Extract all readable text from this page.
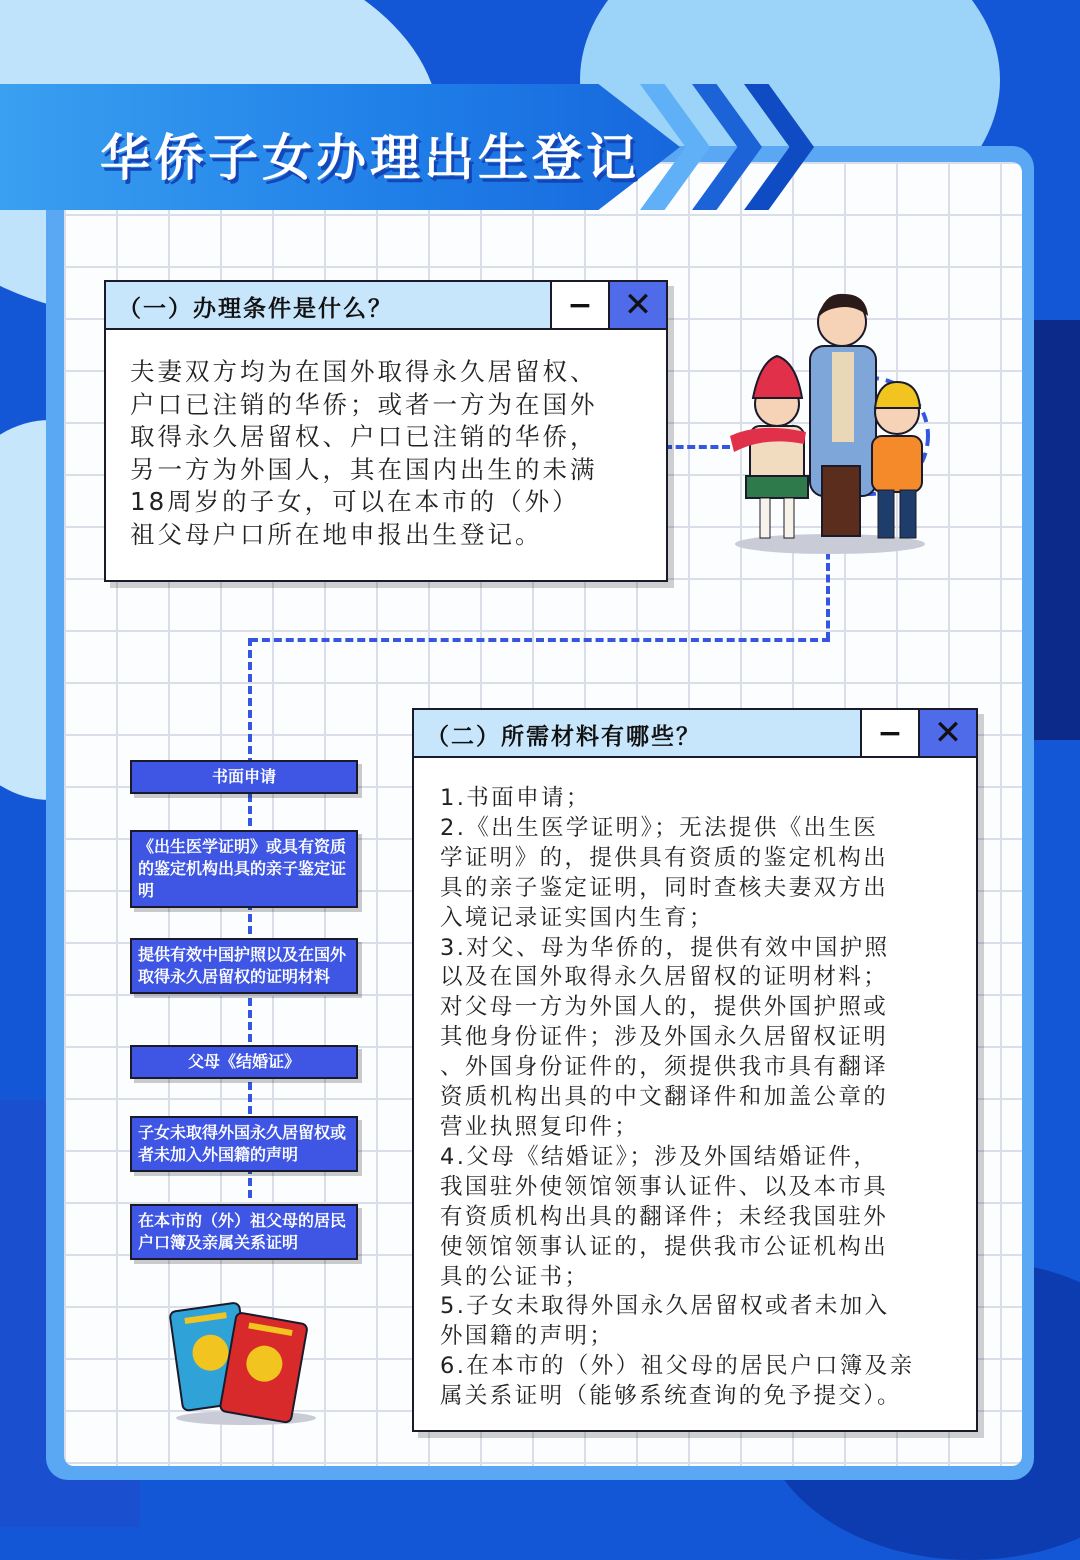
华侨子女办理出生登记
（一）办理条件是什么？	− ✕
夫妻双方均为在国外取得永久居留权、
户口已注销的华侨；或者一方为在国外
取得永久居留权、户口已注销的华侨，
另一方为外国人，其在国内出生的未满
18周岁的子女，可以在本市的（外）
祖父母户口所在地申报出生登记。
书面申请
《出生医学证明》或具有资质的鉴定机构出具的亲子鉴定证明
提供有效中国护照以及在国外取得永久居留权的证明材料
父母《结婚证》
子女未取得外国永久居留权或者未加入外国籍的声明
在本市的（外）祖父母的居民户口簿及亲属关系证明
（二）所需材料有哪些？	− ✕
1.书面申请；
2.《出生医学证明》；无法提供《出生医
学证明》的，提供具有资质的鉴定机构出
具的亲子鉴定证明，同时查核夫妻双方出
入境记录证实国内生育；
3.对父、母为华侨的，提供有效中国护照
以及在国外取得永久居留权的证明材料；
对父母一方为外国人的，提供外国护照或
其他身份证件；涉及外国永久居留权证明
、外国身份证件的，须提供我市具有翻译
资质机构出具的中文翻译件和加盖公章的
营业执照复印件；
4.父母《结婚证》；涉及外国结婚证件，
我国驻外使领馆领事认证件、以及本市具
有资质机构出具的翻译件；未经我国驻外
使领馆领事认证的，提供我市公证机构出
具的公证书；
5.子女未取得外国永久居留权或者未加入
外国籍的声明；
6.在本市的（外）祖父母的居民户口簿及亲
属关系证明（能够系统查询的免予提交）。
